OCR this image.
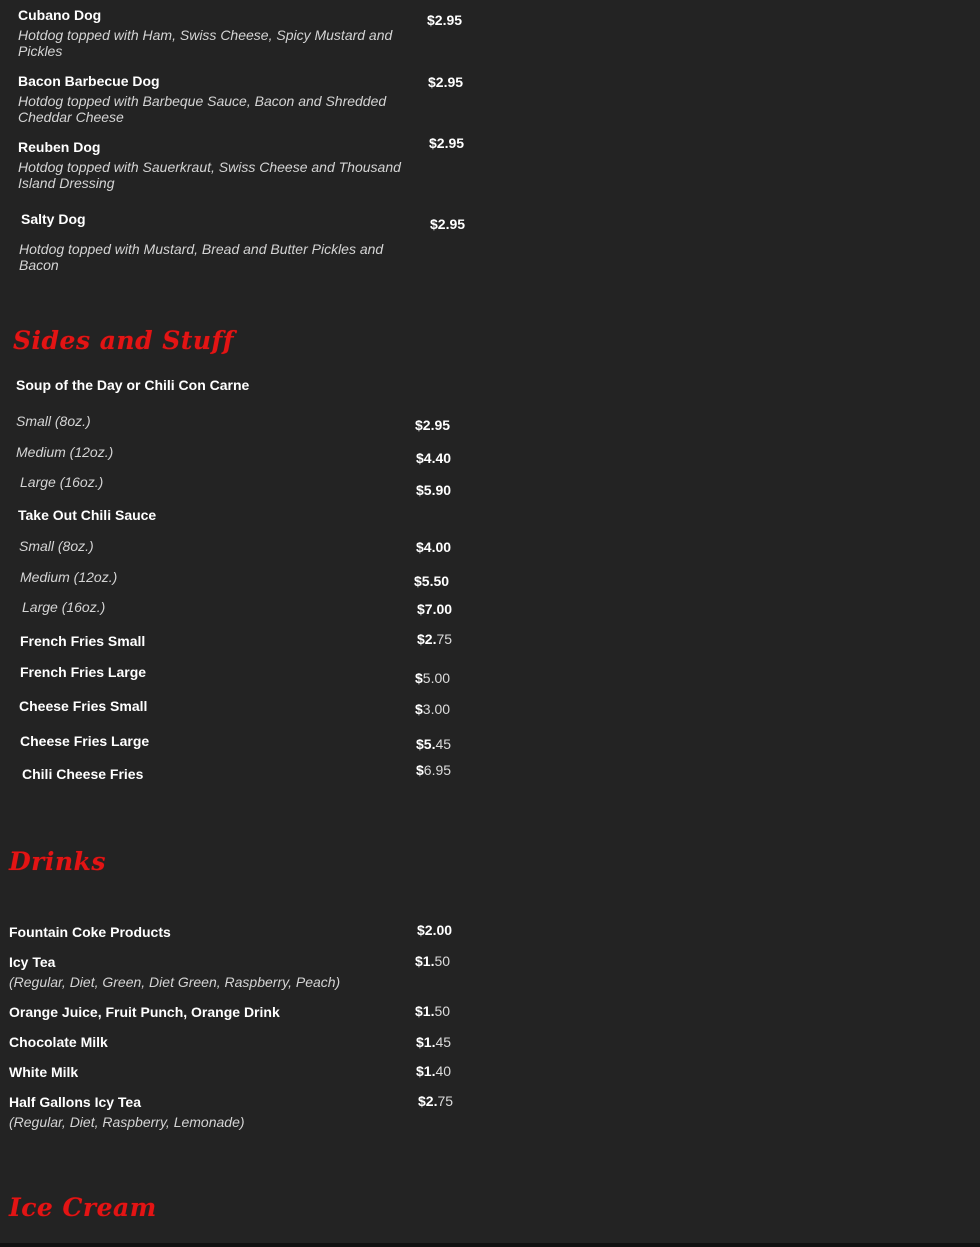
Cubano Dog
Hotdog topped with Ham, Swiss Cheese, Spicy Mustard and Pickles
$2.95
Bacon Barbecue Dog
Hotdog topped with Barbeque Sauce, Bacon and Shredded Cheddar Cheese
$2.95
Reuben Dog
Hotdog topped with Sauerkraut, Swiss Cheese and Thousand Island Dressing
$2.95
Salty Dog
Hotdog topped with Mustard, Bread and Butter Pickles and Bacon
$2.95
Sides and Stuff
Soup of the Day or Chili Con Carne
Small (8oz.)	$2.95
Medium (12oz.)	$4.40
Large (16oz.)	$5.90
Take Out Chili Sauce
Small (8oz.)	$4.00
Medium (12oz.)	$5.50
Large (16oz.)	$7.00
French Fries Small	$2.75
French Fries Large	$5.00
Cheese Fries Small	$3.00
Cheese Fries Large	$5.45
Chili Cheese Fries	$6.95
Drinks
Fountain Coke Products	$2.00
Icy Tea
(Regular, Diet, Green, Diet Green, Raspberry, Peach)
$1.50
Orange Juice, Fruit Punch, Orange Drink	$1.50
Chocolate Milk	$1.45
White Milk	$1.40
Half Gallons Icy Tea
(Regular, Diet, Raspberry, Lemonade)
$2.75
Ice Cream
